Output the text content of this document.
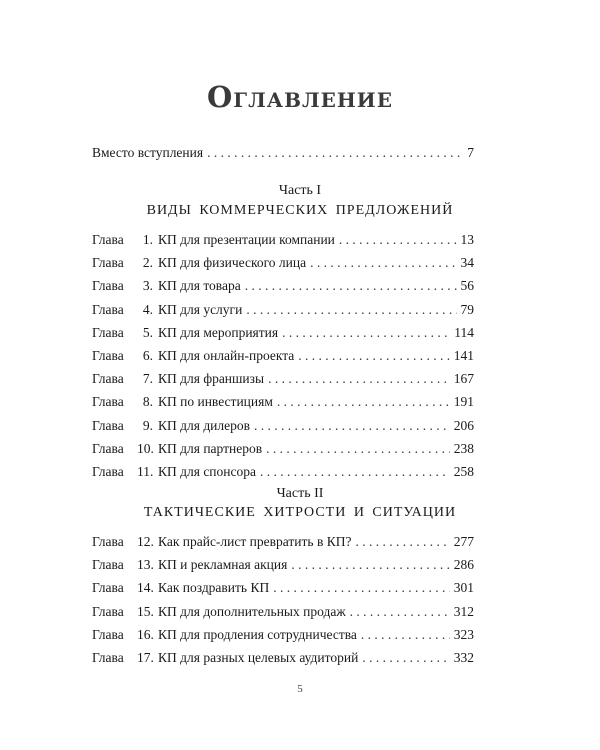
Оглавление
Вместо вступления . . .	7
Часть I
ВИДЫ КОММЕРЧЕСКИХ ПРЕДЛОЖЕНИЙ
Глава	1. КП для презентации компании . . .	13
Глава	2. КП для физического лица . . .	34
Глава	3. КП для товара . . .	56
Глава	4. КП для услуги . . .	79
Глава	5. КП для мероприятия . . .	114
Глава	6. КП для онлайн-проекта . . .	141
Глава	7. КП для франшизы . . .	167
Глава	8. КП по инвестициям . . .	191
Глава	9. КП для дилеров . . .	206
Глава 10. КП для партнеров . . .	238
Глава 11. КП для спонсора . . .	258
Часть II
ТАКТИЧЕСКИЕ ХИТРОСТИ И СИТУАЦИИ
Глава 12. Как прайс-лист превратить в КП? . . .	277
Глава 13. КП и рекламная акция . . .	286
Глава 14. Как поздравить КП . . .	301
Глава 15. КП для дополнительных продаж . . .	312
Глава 16. КП для продления сотрудничества . . .	323
Глава 17. КП для разных целевых аудиторий . . .	332
5
